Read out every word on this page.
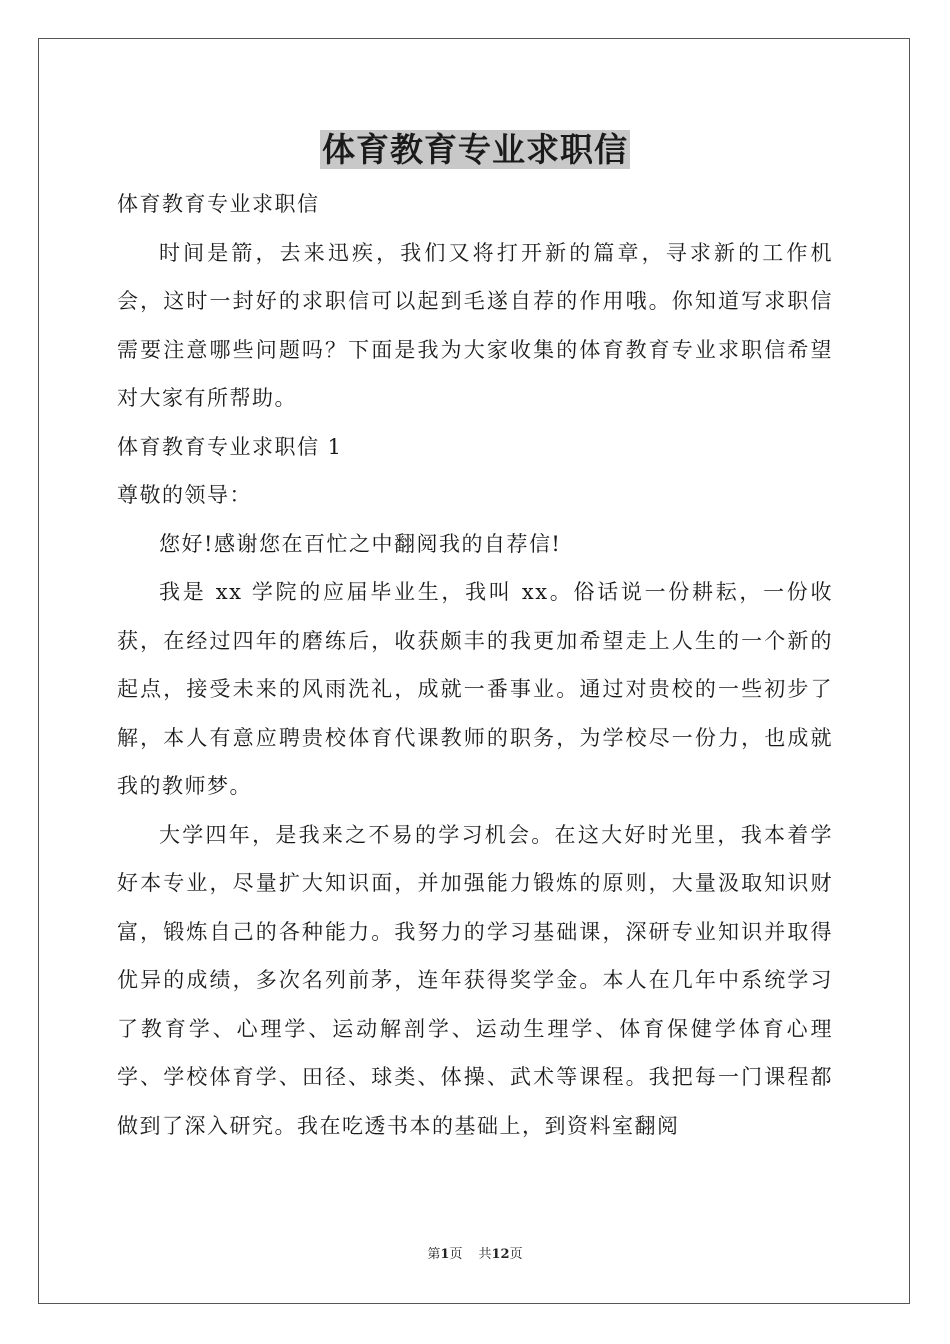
体育教育专业求职信

体育教育专业求职信

时间是箭，去来迅疾，我们又将打开新的篇章，寻求新的工作机会，这时一封好的求职信可以起到毛遂自荐的作用哦。你知道写求职信需要注意哪些问题吗？下面是我为大家收集的体育教育专业求职信希望对大家有所帮助。

体育教育专业求职信 1

尊敬的领导：

您好!感谢您在百忙之中翻阅我的自荐信!

我是 xx 学院的应届毕业生，我叫 xx。俗话说一份耕耘，一份收获，在经过四年的磨练后，收获颇丰的我更加希望走上人生的一个新的起点，接受未来的风雨洗礼，成就一番事业。通过对贵校的一些初步了解，本人有意应聘贵校体育代课教师的职务，为学校尽一份力，也成就我的教师梦。

大学四年，是我来之不易的学习机会。在这大好时光里，我本着学好本专业，尽量扩大知识面，并加强能力锻炼的原则，大量汲取知识财富，锻炼自己的各种能力。我努力的学习基础课，深研专业知识并取得优异的成绩，多次名列前茅，连年获得奖学金。本人在几年中系统学习了教育学、心理学、运动解剖学、运动生理学、体育保健学体育心理学、学校体育学、田径、球类、体操、武术等课程。我把每一门课程都做到了深入研究。我在吃透书本的基础上，到资料室翻阅

第1页 共12页
